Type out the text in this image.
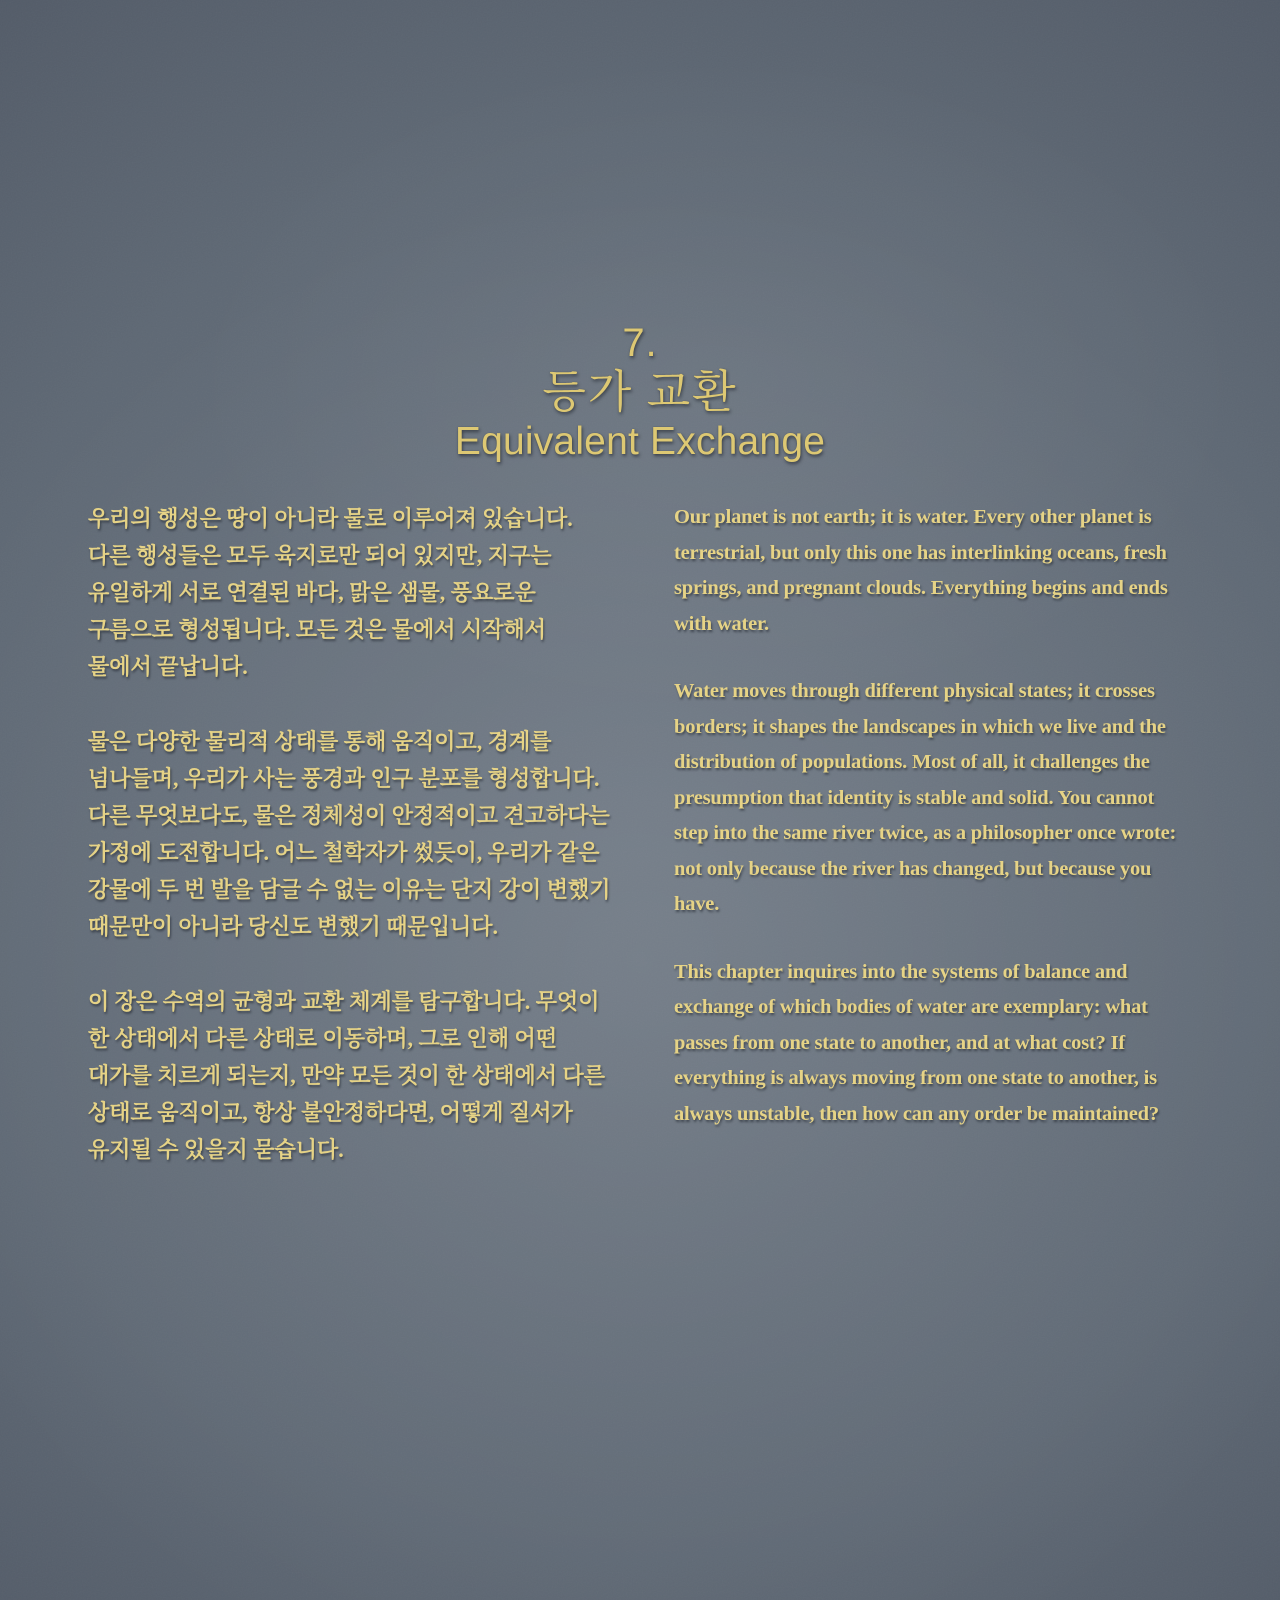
7.
등가 교환
Equivalent Exchange

우리의 행성은 땅이 아니라 물로 이루어져 있습니다. 다른 행성들은 모두 육지로만 되어 있지만, 지구는 유일하게 서로 연결된 바다, 맑은 샘물, 풍요로운 구름으로 형성됩니다. 모든 것은 물에서 시작해서 물에서 끝납니다.

물은 다양한 물리적 상태를 통해 움직이고, 경계를 넘나들며, 우리가 사는 풍경과 인구 분포를 형성합니다. 다른 무엇보다도, 물은 정체성이 안정적이고 견고하다는 가정에 도전합니다. 어느 철학자가 썼듯이, 우리가 같은 강물에 두 번 발을 담글 수 없는 이유는 단지 강이 변했기 때문만이 아니라 당신도 변했기 때문입니다.

이 장은 수역의 균형과 교환 체계를 탐구합니다. 무엇이 한 상태에서 다른 상태로 이동하며, 그로 인해 어떤 대가를 치르게 되는지, 만약 모든 것이 한 상태에서 다른 상태로 움직이고, 항상 불안정하다면, 어떻게 질서가 유지될 수 있을지 묻습니다.

Our planet is not earth; it is water. Every other planet is terrestrial, but only this one has interlinking oceans, fresh springs, and pregnant clouds. Everything begins and ends with water.

Water moves through different physical states; it crosses borders; it shapes the landscapes in which we live and the distribution of populations. Most of all, it challenges the presumption that identity is stable and solid. You cannot step into the same river twice, as a philosopher once wrote: not only because the river has changed, but because you have.

This chapter inquires into the systems of balance and exchange of which bodies of water are exemplary: what passes from one state to another, and at what cost? If everything is always moving from one state to another, is always unstable, then how can any order be maintained?
